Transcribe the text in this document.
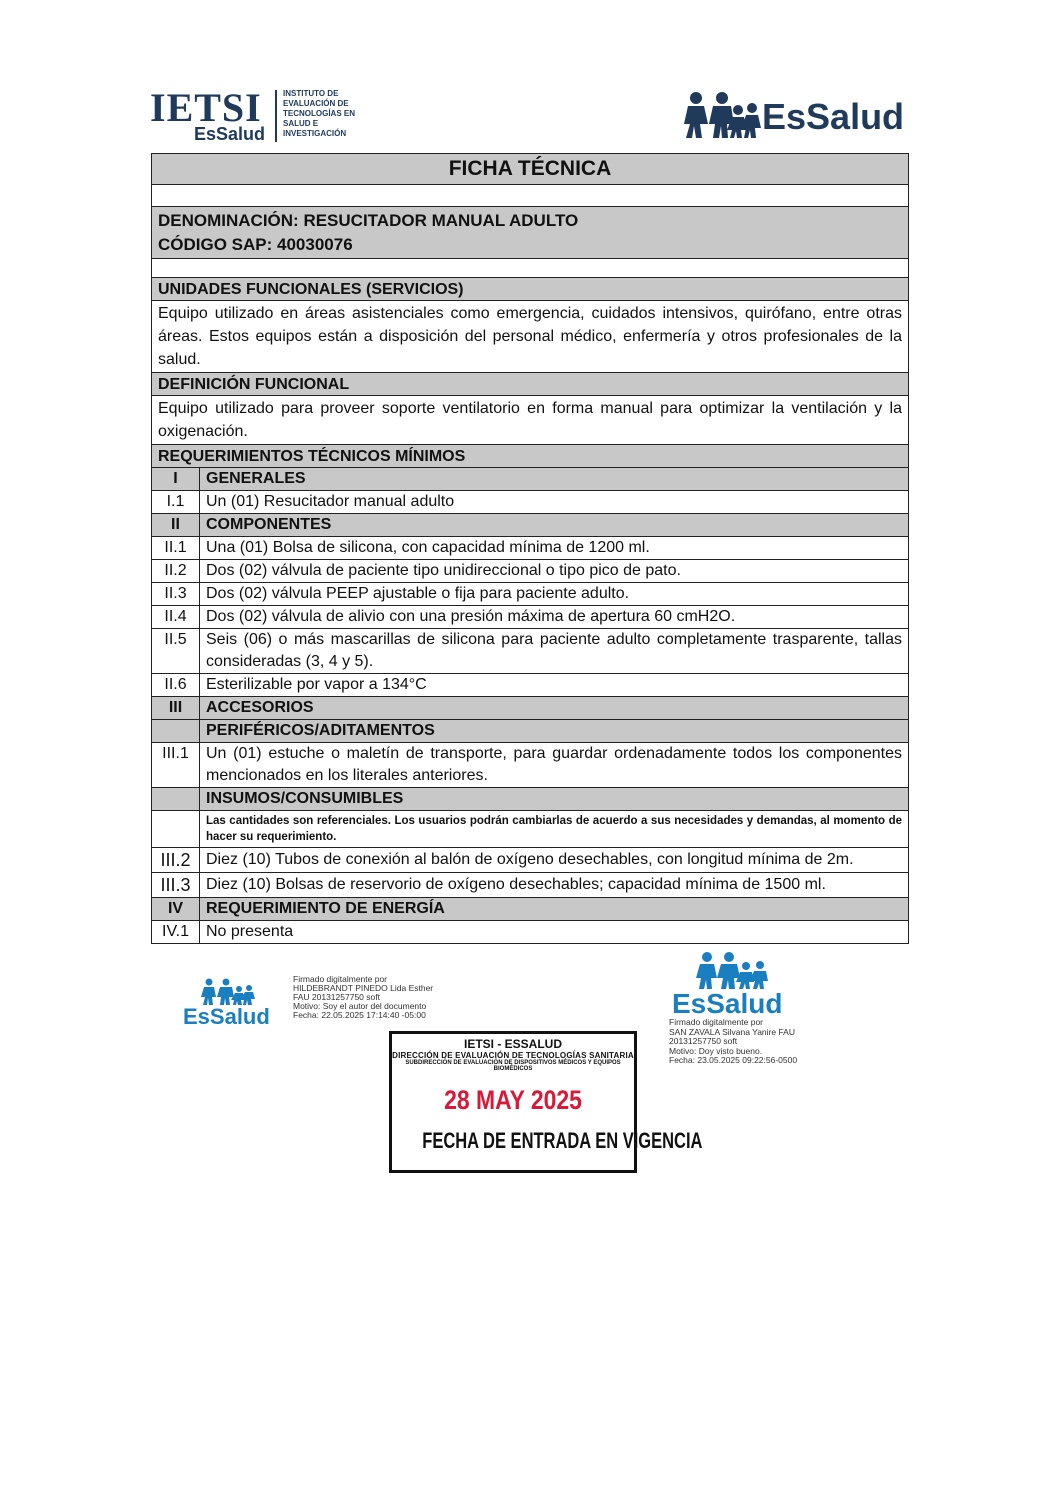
IETSI
EsSalud
INSTITUTO DE
EVALUACIÓN DE
TECNOLOGÍAS EN
SALUD E
INVESTIGACIÓN	EsSalud
FICHA TÉCNICA
DENOMINACIÓN: RESUCITADOR MANUAL ADULTO
CÓDIGO SAP: 40030076
UNIDADES FUNCIONALES (SERVICIOS)
Equipo utilizado en áreas asistenciales como emergencia, cuidados intensivos, quirófano, entre otras áreas. Estos equipos están a disposición del personal médico, enfermería y otros profesionales de la salud.
DEFINICIÓN FUNCIONAL
Equipo utilizado para proveer soporte ventilatorio en forma manual para optimizar la ventilación y la oxigenación.
REQUERIMIENTOS TÉCNICOS MÍNIMOS
I	GENERALES
I.1	Un (01) Resucitador manual adulto
II	COMPONENTES
II.1	Una (01) Bolsa de silicona, con capacidad mínima de 1200 ml.
II.2	Dos (02) válvula de paciente tipo unidireccional o tipo pico de pato.
II.3	Dos (02) válvula PEEP ajustable o fija para paciente adulto.
II.4	Dos (02) válvula de alivio con una presión máxima de apertura 60 cmH2O.
II.5	Seis (06) o más mascarillas de silicona para paciente adulto completamente trasparente, tallas consideradas (3, 4 y 5).
II.6	Esterilizable por vapor a 134°C
III	ACCESORIOS
PERIFÉRICOS/ADITAMENTOS
III.1	Un (01) estuche o maletín de transporte, para guardar ordenadamente todos los componentes mencionados en los literales anteriores.
INSUMOS/CONSUMIBLES
Las cantidades son referenciales. Los usuarios podrán cambiarlas de acuerdo a sus necesidades y demandas, al momento de hacer su requerimiento.
III.2 Diez (10) Tubos de conexión al balón de oxígeno desechables, con longitud mínima de 2m.
III.3 Diez (10) Bolsas de reservorio de oxígeno desechables; capacidad mínima de 1500 ml.
IV	REQUERIMIENTO DE ENERGÍA
IV.1	No presenta
EsSalud
Firmado digitalmente por
HILDEBRANDT PINEDO Lida Esther
FAU 20131257750 soft
Motivo: Soy el autor del documento
Fecha: 22.05.2025 17:14:40 -05:00	EsSalud
Firmado digitalmente por
SAN ZAVALA Silvana Yanire FAU
20131257750 soft
Motivo: Doy visto bueno.
Fecha: 23.05.2025 09:22:56-0500
IETSI - ESSALUD
DIRECCIÓN DE EVALUACIÓN DE TECNOLOGÍAS SANITARIA
SUBDIRECCIÓN DE EVALUACIÓN DE DISPOSITIVOS MÉDICOS Y EQUIPOS BIOMÉDICOS
28 MAY 2025
FECHA DE ENTRADA EN VIGENCIA
